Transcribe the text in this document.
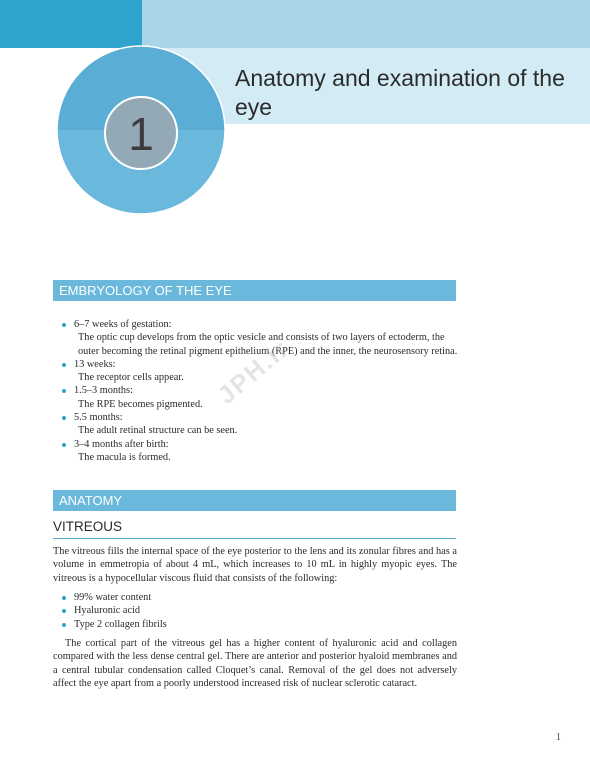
1
Anatomy and examination of the eye
EMBRYOLOGY OF THE EYE
6–7 weeks of gestation:
The optic cup develops from the optic vesicle and consists of two layers of ectoderm, the outer becoming the retinal pigment epithelium (RPE) and the inner, the neurosensory retina.
13 weeks:
The receptor cells appear.
1.5–3 months:
The RPE becomes pigmented.
5.5 months:
The adult retinal structure can be seen.
3–4 months after birth:
The macula is formed.
ANATOMY
VITREOUS

The vitreous fills the internal space of the eye posterior to the lens and its zonular fibres and has a volume in emmetropia of about 4 mL, which increases to 10 mL in highly myopic eyes. The vitreous is a hypocellular viscous fluid that consists of the following:

99% water content
Hyaluronic acid
Type 2 collagen fibrils

The cortical part of the vitreous gel has a higher content of hyaluronic acid and collagen compared with the less dense central gel. There are anterior and posterior hyaloid membranes and a central tubular condensation called Cloquet’s canal. Removal of the gel does not adversely affect the eye apart from a poorly understood increased risk of nuclear sclerotic cataract.

JPH.ir
1
